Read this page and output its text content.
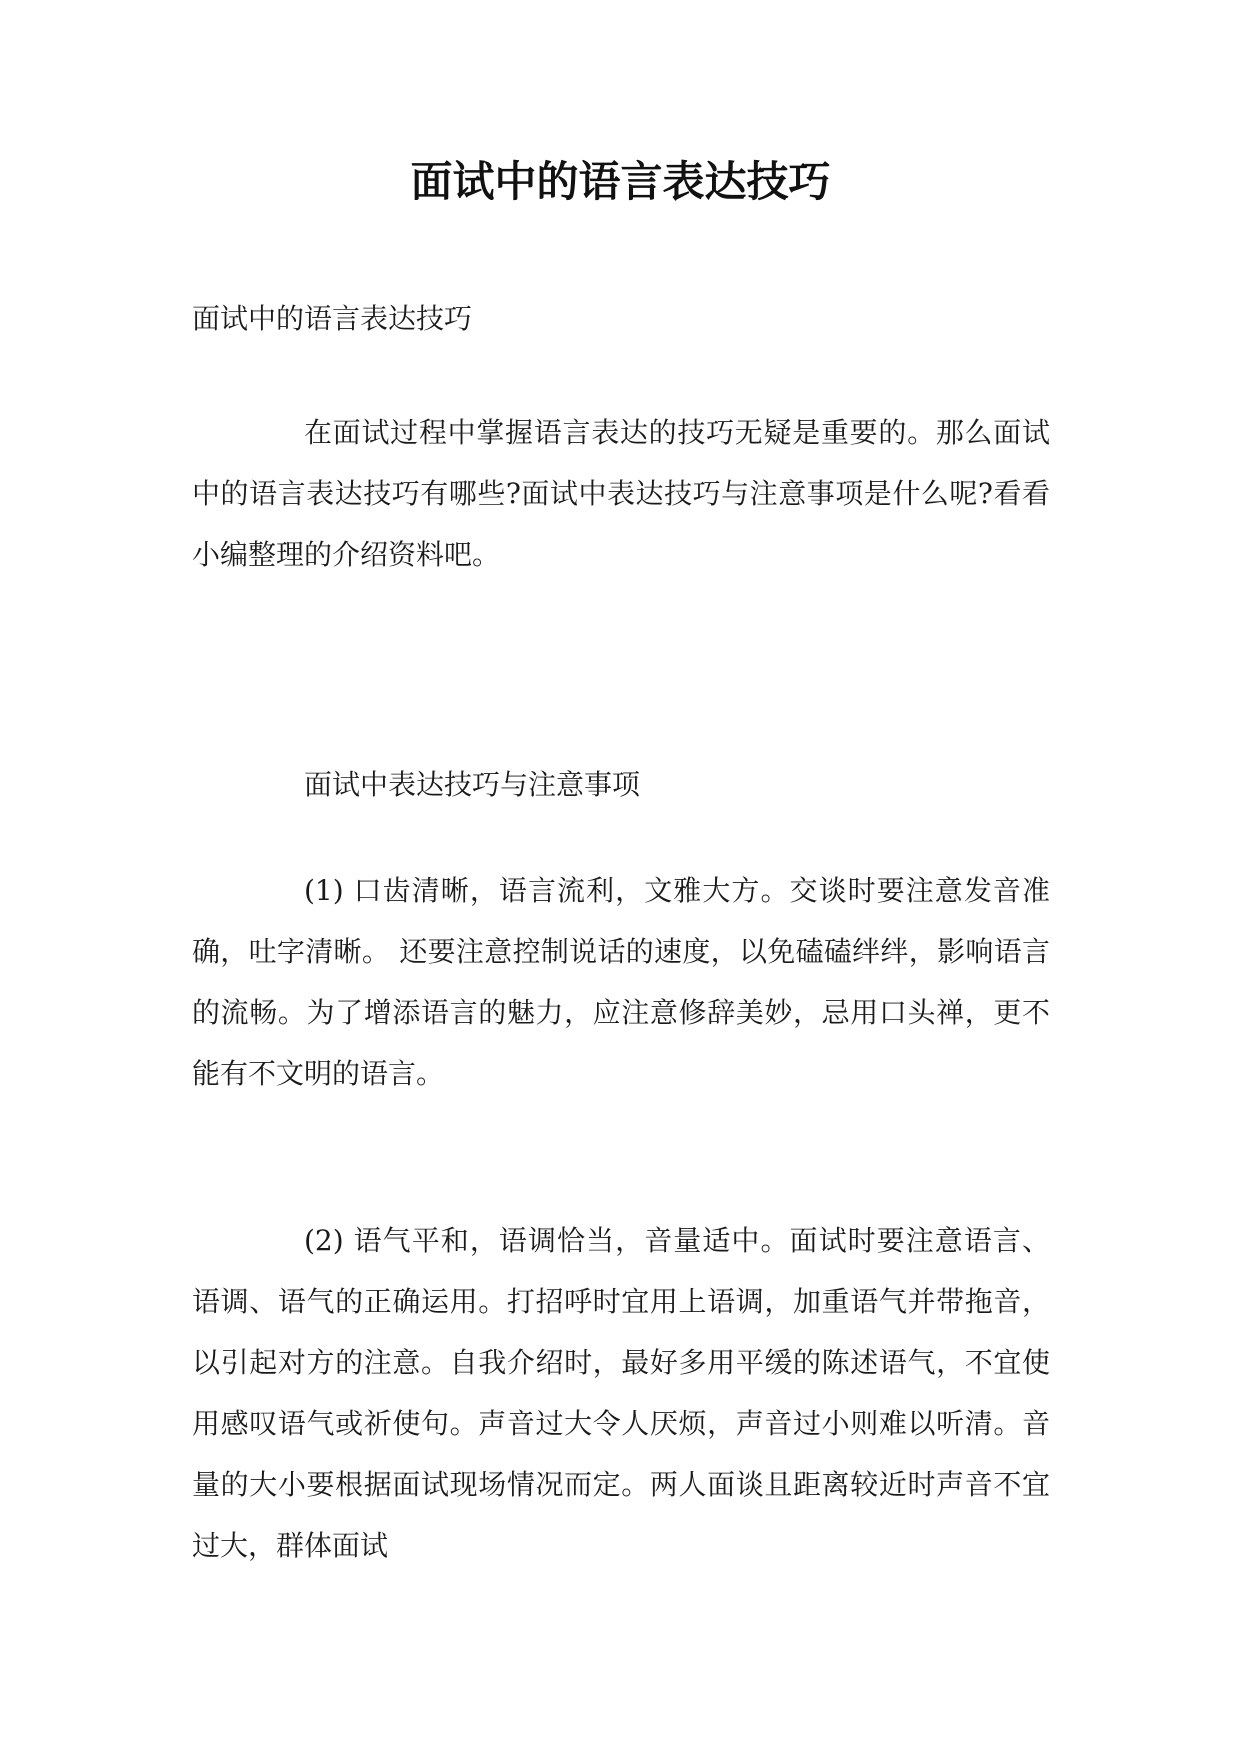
面试中的语言表达技巧

面试中的语言表达技巧

在面试过程中掌握语言表达的技巧无疑是重要的。那么面试中的语言表达技巧有哪些?面试中表达技巧与注意事项是什么呢?看看小编整理的介绍资料吧。

面试中表达技巧与注意事项

(1) 口齿清晰，语言流利，文雅大方。交谈时要注意发音准确，吐字清晰。 还要注意控制说话的速度，以免磕磕绊绊，影响语言的流畅。为了增添语言的魅力，应注意修辞美妙，忌用口头禅，更不能有不文明的语言。

(2) 语气平和，语调恰当，音量适中。面试时要注意语言、语调、语气的正确运用。打招呼时宜用上语调，加重语气并带拖音，以引起对方的注意。自我介绍时，最好多用平缓的陈述语气，不宜使用感叹语气或祈使句。声音过大令人厌烦，声音过小则难以听清。音量的大小要根据面试现场情况而定。两人面谈且距离较近时声音不宜过大，群体面试
